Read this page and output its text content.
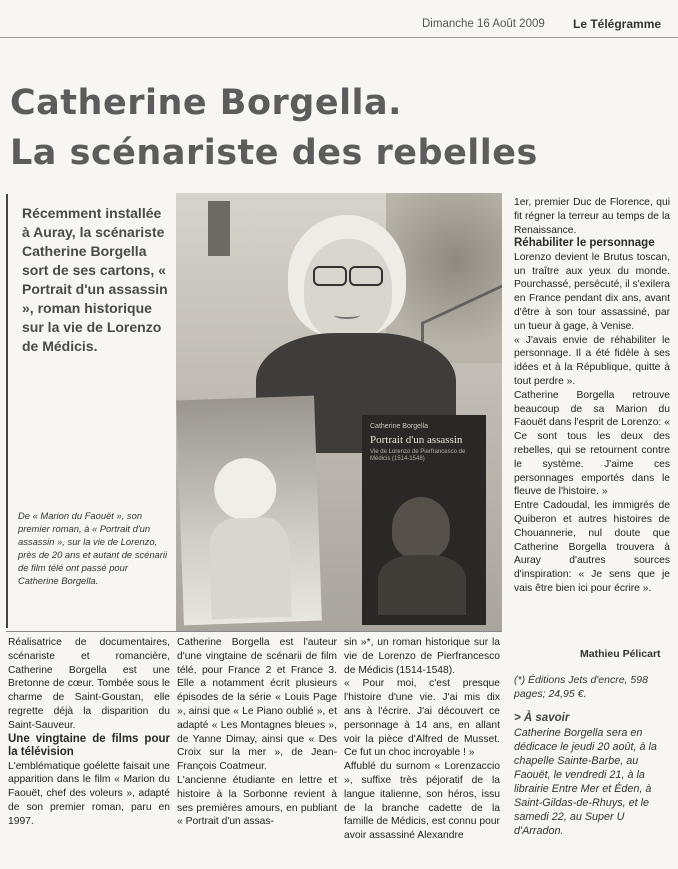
Dimanche 16 Août 2009 Le Télégramme
Catherine Borgella.
La scénariste des rebelles
Récemment installée à Auray, la scénariste Catherine Borgella sort de ses cartons, « Portrait d'un assassin », roman historique sur la vie de Lorenzo de Médicis.
De « Marion du Faouët », son premier roman, à « Portrait d'un assassin », sur la vie de Lorenzo, près de 20 ans et autant de scénarii de film télé ont passé pour Catherine Borgella.
Catherine Borgella
Portrait d'un assassin
Vie de Lorenzo de Pierfrancesco de Médicis (1514-1548)

Réalisatrice de documentaires, scénariste et romancière, Catherine Borgella est une Bretonne de cœur. Tombée sous le charme de Saint-Goustan, elle regrette déjà la disparition du Saint-Sauveur.

Une vingtaine de films pour la télévision

L'emblématique goélette faisait une apparition dans le film « Marion du Faouët, chef des voleurs », adapté de son premier roman, paru en 1997.

Catherine Borgella est l'auteur d'une vingtaine de scénarii de film télé, pour France 2 et France 3. Elle a notamment écrit plusieurs épisodes de la série « Louis Page », ainsi que « Le Piano oublié », et adapté « Les Montagnes bleues », de Yanne Dimay, ainsi que « Des Croix sur la mer », de Jean-François Coatmeur.

L'ancienne étudiante en lettre et histoire à la Sorbonne revient à ses premières amours, en publiant « Portrait d'un assas-

sin »*, un roman historique sur la vie de Lorenzo de Pierfrancesco de Médicis (1514-1548).

« Pour moi, c'est presque l'histoire d'une vie. J'ai mis dix ans à l'écrire. J'ai découvert ce personnage à 14 ans, en allant voir la pièce d'Alfred de Musset. Ce fut un choc incroyable ! »

Affublé du surnom « Lorenzaccio », suffixe très péjoratif de la langue italienne, son héros, issu de la branche cadette de la famille de Médicis, est connu pour avoir assassiné Alexandre

1er, premier Duc de Florence, qui fit régner la terreur au temps de la Renaissance.

Réhabiliter le personnage

Lorenzo devient le Brutus toscan, un traître aux yeux du monde. Pourchassé, persécuté, il s'exilera en France pendant dix ans, avant d'être à son tour assassiné, par un tueur à gage, à Venise.

« J'avais envie de réhabiliter le personnage. Il a été fidèle à ses idées et à la République, quitte à tout perdre ».

Catherine Borgella retrouve beaucoup de sa Marion du Faouët dans l'esprit de Lorenzo: « Ce sont tous les deux des rebelles, qui se retournent contre le système. J'aime ces personnages emportés dans le fleuve de l'histoire. »

Entre Cadoudal, les immigrés de Quiberon et autres histoires de Chouannerie, nul doute que Catherine Borgella trouvera à Auray d'autres sources d'inspiration: « Je sens que je vais être bien ici pour écrire ».

Mathieu Pélicart
(*) Éditions Jets d'encre, 598 pages; 24,95 €.
> À savoir
Catherine Borgella sera en dédicace le jeudi 20 août, à la chapelle Sainte-Barbe, au Faouët, le vendredi 21, à la librairie Entre Mer et Éden, à Saint-Gildas-de-Rhuys, et le samedi 22, au Super U d'Arradon.
